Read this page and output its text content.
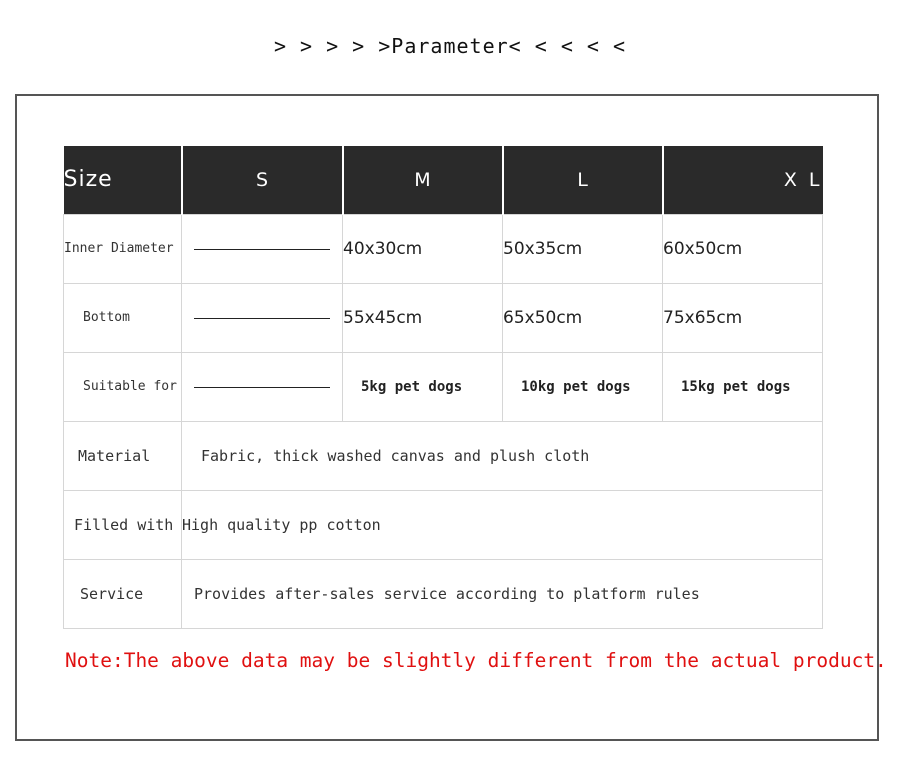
> > > > >Parameter< < < < <
Size	S	M	L	X L
Inner Diameter		40x30cm	50x35cm	60x50cm
Bottom		55x45cm	65x50cm	75x65cm
Suitable for		5kg pet dogs	10kg pet dogs	15kg pet dogs
Material	Fabric, thick washed canvas and plush cloth			
Filled with	High quality pp cotton			
Service	Provides after-sales service according to platform rules			
Note:The above data may be slightly different from the actual product.
